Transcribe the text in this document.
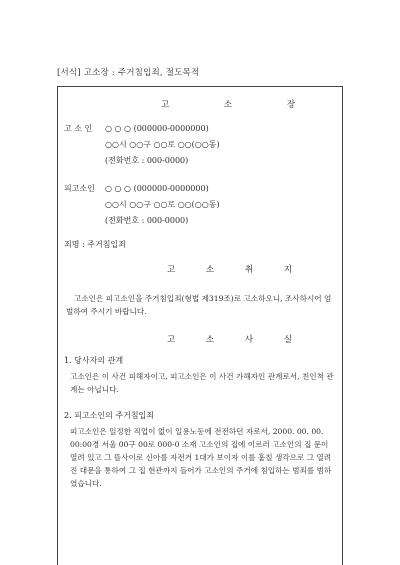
[서식] 고소장 : 주거침입죄, 절도목적
고 소 장
고 소 인 ○ ○ ○ (000000-0000000)
○○시 ○○구 ○○로 ○○(○○동)
(전화번호 : 000-0000)
피고소인 ○ ○ ○ (000000-0000000)
○○시 ○○구 ○○로 ○○(○○동)
(전화번호 : 000-0000)
죄명 : 주거침입죄
고 소 취 지
고소인은 피고소인을 주거침입죄(형법 제319조)로 고소하오니, 조사하시어 엄벌하여 주시기 바랍니다.
고 소 사 실
1. 당사자의 관계
고소인은 이 사건 피해자이고, 피고소인은 이 사건 가해자인 관계로서, 친인척 관계는 아닙니다.
2. 피고소인의 주거침입죄
피고소인은 일정한 직업이 없이 일용노동에 전전하던 자로서, 2000. 00. 00. 00:00경 서울 00구 00로 000-0 소재 고소인의 집에 이르러 고소인의 집 문이 열려 있고 그 뜰사이로 신아를 자전거 1대가 보이자 이를 훔칠 생각으로 그 열려진 대문을 통하여 그 집 현관까지 들어가 고소인의 주거에 침입하는 범죄를 범하였습니다.
